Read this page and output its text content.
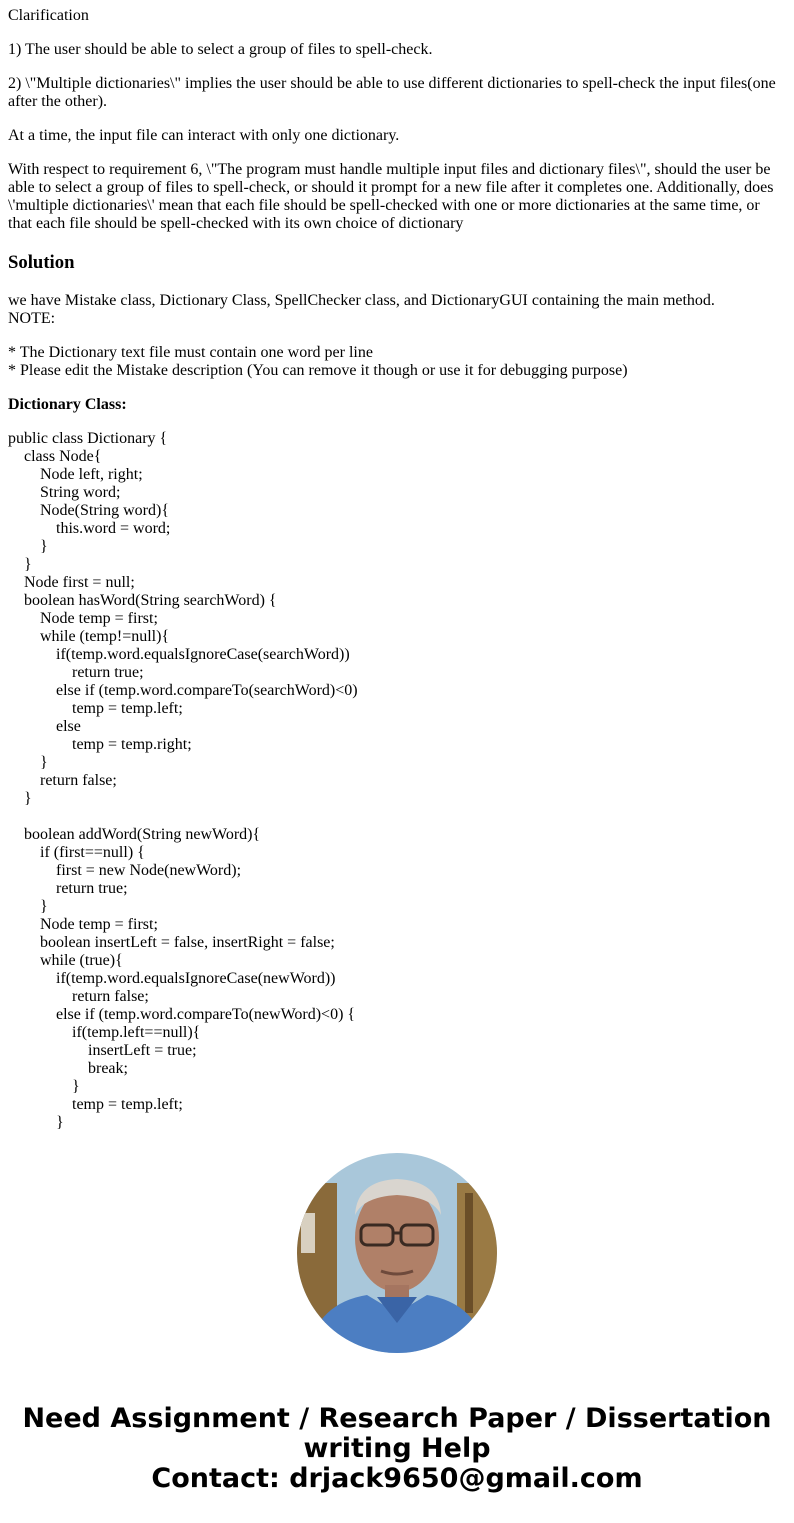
Clarification

1) The user should be able to select a group of files to spell-check.

2) \"Multiple dictionaries\" implies the user should be able to use different dictionaries to spell-check the input files(one after the other).

At a time, the input file can interact with only one dictionary.

With respect to requirement 6, \"The program must handle multiple input files and dictionary files\", should the user be able to select a group of files to spell-check, or should it prompt for a new file after it completes one. Additionally, does \'multiple dictionaries\' mean that each file should be spell-checked with one or more dictionaries at the same time, or that each file should be spell-checked with its own choice of dictionary

Solution

we have Mistake class, Dictionary Class, SpellChecker class, and DictionaryGUI containing the main method.

NOTE:

* The Dictionary text file must contain one word per line

* Please edit the Mistake description (You can remove it though or use it for debugging purpose)

Dictionary Class:

public class Dictionary {
class Node{
Node left, right;
String word;
Node(String word){
this.word = word;
}
}
Node first = null;
boolean hasWord(String searchWord) {
Node temp = first;
while (temp!=null){
if(temp.word.equalsIgnoreCase(searchWord))
return true;
else if (temp.word.compareTo(searchWord)<0)
temp = temp.left;
else
temp = temp.right;
}
return false;
}
boolean addWord(String newWord){
if (first==null) {
first = new Node(newWord);
return true;
}
Node temp = first;
boolean insertLeft = false, insertRight = false;
while (true){
if(temp.word.equalsIgnoreCase(newWord))
return false;
else if (temp.word.compareTo(newWord)<0) {
if(temp.left==null){
insertLeft = true;
break;
}
temp = temp.left;
}
Need Assignment / Research Paper / Dissertation
writing Help
Contact: drjack9650@gmail.com
